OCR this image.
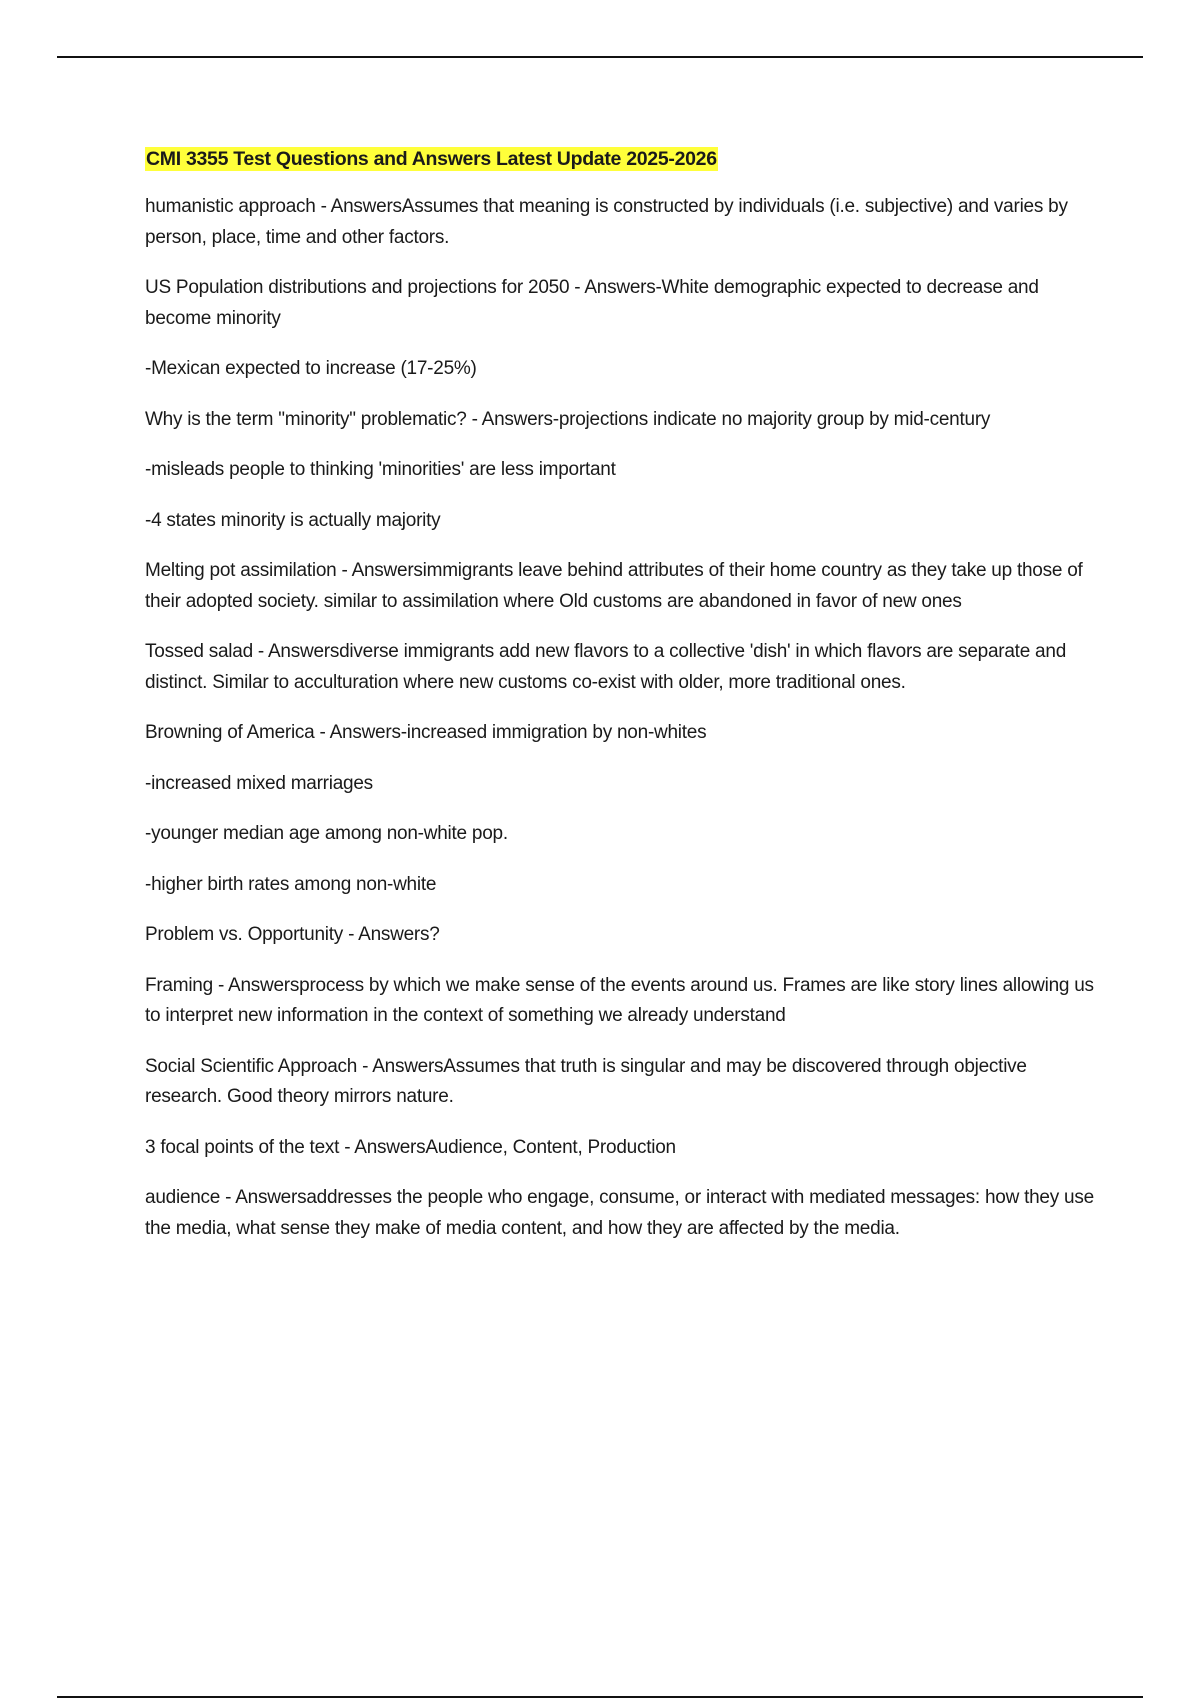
CMI 3355 Test Questions and Answers Latest Update 2025-2026

humanistic approach - AnswersAssumes that meaning is constructed by individuals (i.e. subjective) and varies by person, place, time and other factors.

US Population distributions and projections for 2050 - Answers-White demographic expected to decrease and become minority

-Mexican expected to increase (17-25%)

Why is the term "minority" problematic? - Answers-projections indicate no majority group by mid-century

-misleads people to thinking 'minorities' are less important

-4 states minority is actually majority

Melting pot assimilation - Answersimmigrants leave behind attributes of their home country as they take up those of their adopted society. similar to assimilation where Old customs are abandoned in favor of new ones

Tossed salad - Answersdiverse immigrants add new flavors to a collective 'dish' in which flavors are separate and distinct. Similar to acculturation where new customs co-exist with older, more traditional ones.

Browning of America - Answers-increased immigration by non-whites

-increased mixed marriages

-younger median age among non-white pop.

-higher birth rates among non-white

Problem vs. Opportunity - Answers?

Framing - Answersprocess by which we make sense of the events around us. Frames are like story lines allowing us to interpret new information in the context of something we already understand

Social Scientific Approach - AnswersAssumes that truth is singular and may be discovered through objective research. Good theory mirrors nature.

3 focal points of the text - AnswersAudience, Content, Production

audience - Answersaddresses the people who engage, consume, or interact with mediated messages: how they use the media, what sense they make of media content, and how they are affected by the media.
